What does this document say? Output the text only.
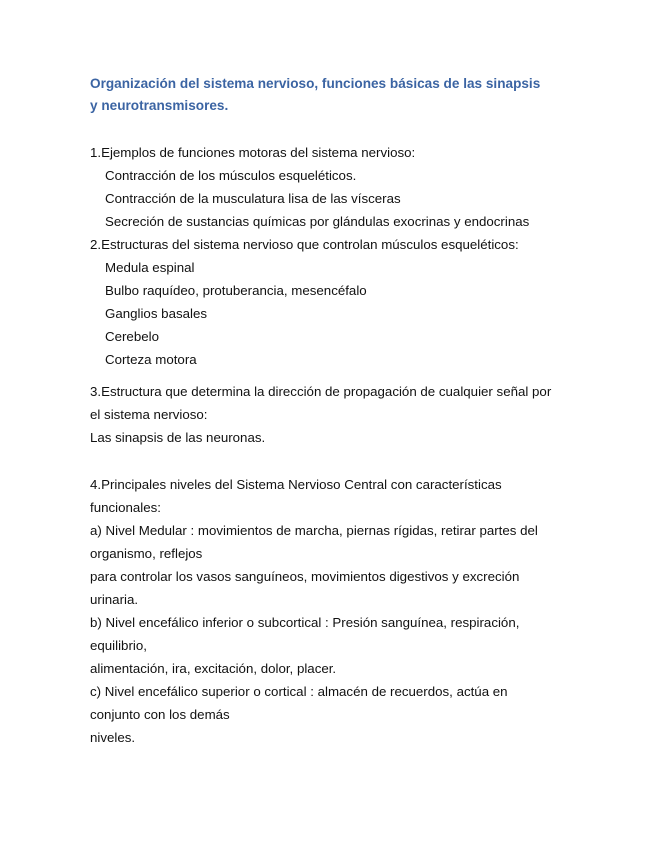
Organización del sistema nervioso, funciones básicas de las sinapsis
y neurotransmisores.
1.Ejemplos de funciones motoras del sistema nervioso:
Contracción de los músculos esqueléticos.
Contracción de la musculatura lisa de las vísceras
Secreción de sustancias químicas por glándulas exocrinas y endocrinas
2.Estructuras del sistema nervioso que controlan músculos esqueléticos:
Medula espinal
Bulbo raquídeo, protuberancia, mesencéfalo
Ganglios basales
Cerebelo
Corteza motora
3.Estructura que determina la dirección de propagación de cualquier señal por
el sistema nervioso:
Las sinapsis de las neuronas.
4.Principales niveles del Sistema Nervioso Central con características
funcionales:
a) Nivel Medular : movimientos de marcha, piernas rígidas, retirar partes del
organismo, reflejos
para controlar los vasos sanguíneos, movimientos digestivos y excreción
urinaria.
b) Nivel encefálico inferior o subcortical : Presión sanguínea, respiración,
equilibrio,
alimentación, ira, excitación, dolor, placer.
c) Nivel encefálico superior o cortical : almacén de recuerdos, actúa en
conjunto con los demás
niveles.
